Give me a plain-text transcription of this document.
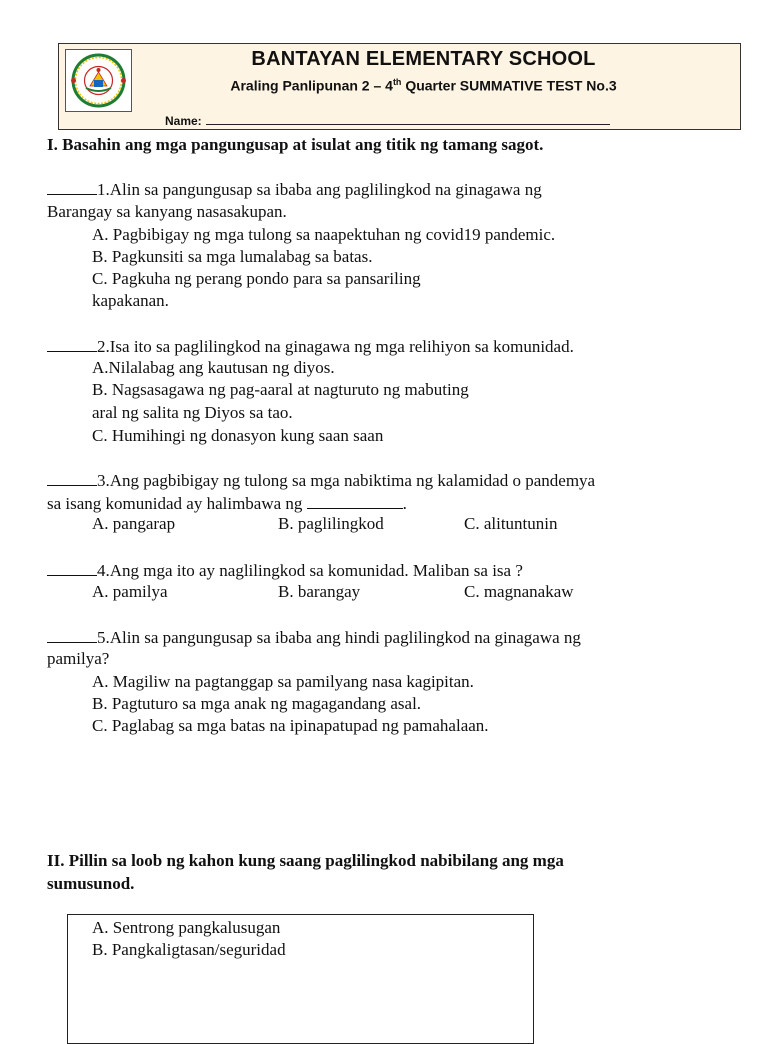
BANTAYAN ELEMENTARY SCHOOL
Araling Panlipunan 2 – 4th Quarter SUMMATIVE TEST No.3
Name:
I. Basahin ang mga pangungusap at isulat ang titik ng tamang sagot.
1.Alin sa pangungusap sa ibaba ang paglilingkod na ginagawa ng
Barangay sa kanyang nasasakupan.
A. Pagbibigay ng mga tulong sa naapektuhan ng covid19 pandemic.
B. Pagkunsiti sa mga lumalabag sa batas.
C. Pagkuha ng perang pondo para sa pansariling
kapakanan.
2.Isa ito sa paglilingkod na ginagawa ng mga relihiyon sa komunidad.
A.Nilalabag ang kautusan ng diyos.
B. Nagsasagawa ng pag-aaral at nagturuto ng mabuting
aral ng salita ng Diyos sa tao.
C. Humihingi ng donasyon kung saan saan
3.Ang pagbibigay ng tulong sa mga nabiktima ng kalamidad o pandemya
sa isang komunidad ay halimbawa ng	.
A. pangarap	B. paglilingkod	C. alituntunin
4.Ang mga ito ay naglilingkod sa komunidad. Maliban sa isa ?
A. pamilya	B. barangay	C. magnanakaw
5.Alin sa pangungusap sa ibaba ang hindi paglilingkod na ginagawa ng
pamilya?
A. Magiliw na pagtanggap sa pamilyang nasa kagipitan.
B. Pagtuturo sa mga anak ng magagandang asal.
C. Paglabag sa mga batas na ipinapatupad ng pamahalaan.
II. Pillin sa loob ng kahon kung saang paglilingkod nabibilang ang mga
sumusunod.
A. Sentrong pangkalusugan
B. Pangkaligtasan/seguridad
